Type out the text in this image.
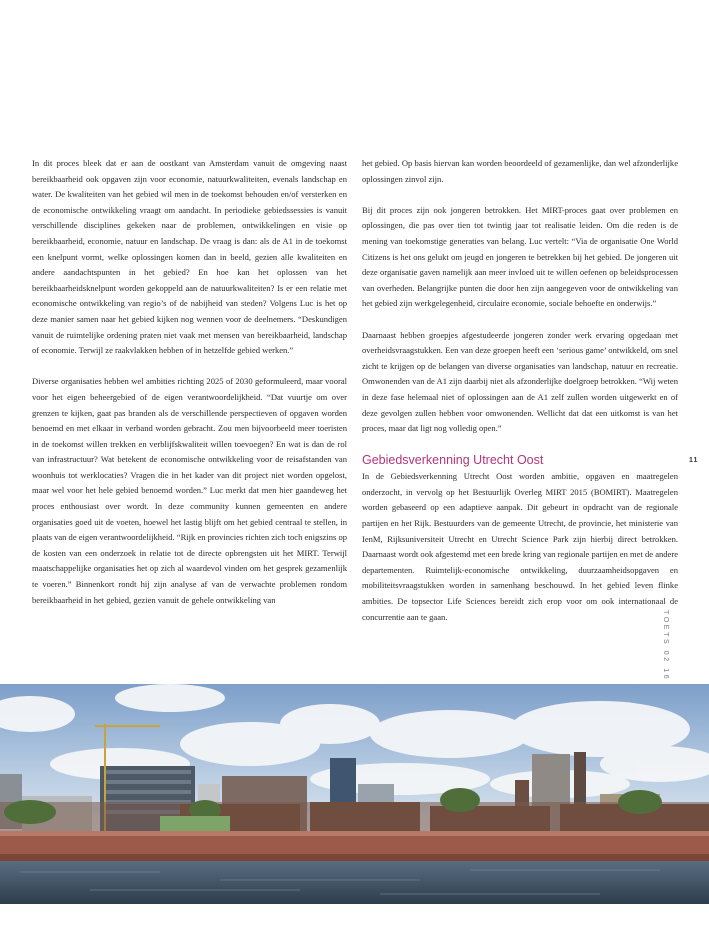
In dit proces bleek dat er aan de oostkant van Amsterdam vanuit de omgeving naast bereikbaarheid ook opgaven zijn voor economie, natuurkwaliteiten, evenals landschap en water. De kwaliteiten van het gebied wil men in de toekomst behouden en/of versterken en de economische ontwikkeling vraagt om aandacht. In periodieke gebiedssessies is vanuit verschillende disciplines gekeken naar de problemen, ontwikkelingen en visie op bereikbaarheid, economie, natuur en landschap. De vraag is dan: als de A1 in de toekomst een knelpunt vormt, welke oplossingen komen dan in beeld, gezien alle kwaliteiten en andere aandachtspunten in het gebied? En hoe kan het oplossen van het bereikbaarheidsknelpunt worden gekoppeld aan de natuurkwaliteiten? Is er een relatie met economische ontwikkeling van regio’s of de nabijheid van steden? Volgens Luc is het op deze manier samen naar het gebied kijken nog wennen voor de deelnemers. “Deskundigen vanuit de ruimtelijke ordening praten niet vaak met mensen van bereikbaarheid, landschap of economie. Terwijl ze raakvlakken hebben of in hetzelfde gebied werken.”

Diverse organisaties hebben wel ambities richting 2025 of 2030 geformuleerd, maar vooral voor het eigen beheergebied of de eigen verantwoordelijkheid. “Dat vuurtje om over grenzen te kijken, gaat pas branden als de verschillende perspectieven of opgaven worden benoemd en met elkaar in verband worden gebracht. Zou men bijvoorbeeld meer toeristen in de toekomst willen trekken en verblijfskwaliteit willen toevoegen? En wat is dan de rol van infrastructuur? Wat betekent de economische ontwikkeling voor de reisafstanden van woonhuis tot werklocaties? Vragen die in het kader van dit project niet worden opgelost, maar wel voor het hele gebied benoemd worden.” Luc merkt dat men hier gaandeweg het proces enthousiast over wordt. In deze community kunnen gemeenten en andere organisaties goed uit de voeten, hoewel het lastig blijft om het gebied centraal te stellen, in plaats van de eigen verantwoordelijkheid. “Rijk en provincies richten zich toch enigszins op de kosten van een onderzoek in relatie tot de directe opbrengsten uit het MIRT. Terwijl maatschappelijke organisaties het op zich al waardevol vinden om het gesprek gezamenlijk te voeren.” Binnenkort rondt hij zijn analyse af van de verwachte problemen rondom bereikbaarheid in het gebied, gezien vanuit de gehele ontwikkeling van

het gebied. Op basis hiervan kan worden beoordeeld of gezamenlijke, dan wel afzonderlijke oplossingen zinvol zijn.

Bij dit proces zijn ook jongeren betrokken. Het MIRT-proces gaat over problemen en oplossingen, die pas over tien tot twintig jaar tot realisatie leiden. Om die reden is de mening van toekomstige generaties van belang. Luc vertelt: “Via de organisatie One World Citizens is het ons gelukt om jeugd en jongeren te betrekken bij het gebied. De jongeren uit deze organisatie gaven namelijk aan meer invloed uit te willen oefenen op beleidsprocessen van overheden. Belangrijke punten die door hen zijn aangegeven voor de ontwikkeling van het gebied zijn werkgelegenheid, circulaire economie, sociale behoefte en onderwijs.”

Daarnaast hebben groepjes afgestudeerde jongeren zonder werk ervaring opgedaan met overheidsvraagstukken. Een van deze groepen heeft een ‘serious game’ ontwikkeld, om snel zicht te krijgen op de belangen van diverse organisaties van landschap, natuur en recreatie. Omwonenden van de A1 zijn daarbij niet als afzonderlijke doelgroep betrokken. “Wij weten in deze fase helemaal niet of oplossingen aan de A1 zelf zullen worden uitgewerkt en of deze gevolgen zullen hebben voor omwonenden. Wellicht dat dat een uitkomst is van het proces, maar dat ligt nog volledig open.”

Gebiedsverkenning Utrecht Oost

In de Gebiedsverkenning Utrecht Oost worden ambitie, opgaven en maatregelen onderzocht, in vervolg op het Bestuurlijk Overleg MIRT 2015 (BOMIRT). Maatregelen worden gebaseerd op een adaptieve aanpak. Dit gebeurt in opdracht van de regionale partijen en het Rijk. Bestuurders van de gemeente Utrecht, de provincie, het ministerie van IenM, Rijksuniversiteit Utrecht en Utrecht Science Park zijn hierbij direct betrokken. Daarnaast wordt ook afgestemd met een brede kring van regionale partijen en met de andere departementen. Ruimtelijk-economische ontwikkeling, duurzaamheidsopgaven en mobiliteitsvraagstukken worden in samenhang beschouwd. In het gebied leven flinke ambities. De topsector Life Sciences bereidt zich erop voor om ook internationaal de concurrentie aan te gaan.

11
TOETS 02 16
